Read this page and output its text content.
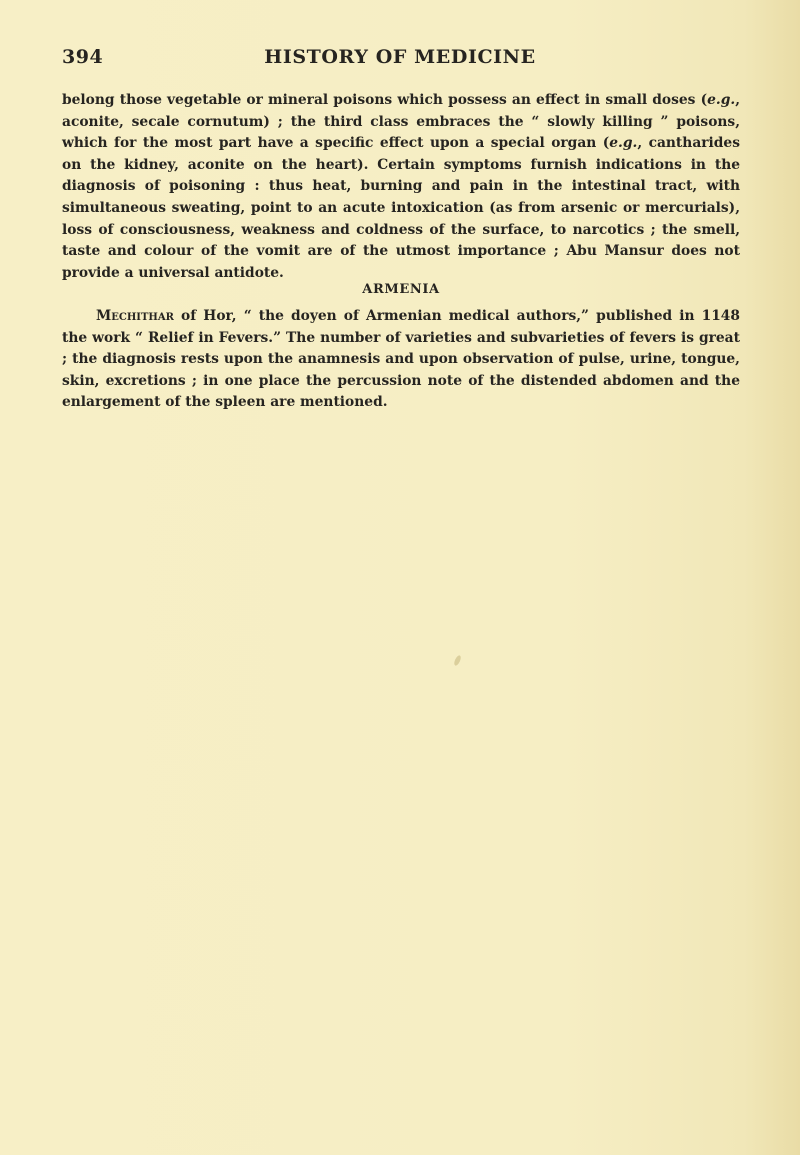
394	HISTORY OF MEDICINE

belong those vegetable or mineral poisons which possess an effect in small doses (e.g., aconite, secale cornutum) ; the third class embraces the “ slowly killing ” poisons, which for the most part have a specific effect upon a special organ (e.g., cantharides on the kidney, aconite on the heart). Certain symptoms furnish indications in the diagnosis of poisoning : thus heat, burning and pain in the intestinal tract, with simultaneous sweating, point to an acute intoxication (as from arsenic or mercurials), loss of consciousness, weakness and coldness of the surface, to narcotics ; the smell, taste and colour of the vomit are of the utmost importance ; Abu Mansur does not provide a universal antidote.

ARMENIA

Mechithar of Hor, “ the doyen of Armenian medical authors,” published in 1148 the work “ Relief in Fevers.” The number of varieties and subvarieties of fevers is great ; the diagnosis rests upon the anamnesis and upon observation of pulse, urine, tongue, skin, excretions ; in one place the percussion note of the distended abdomen and the enlargement of the spleen are mentioned.
